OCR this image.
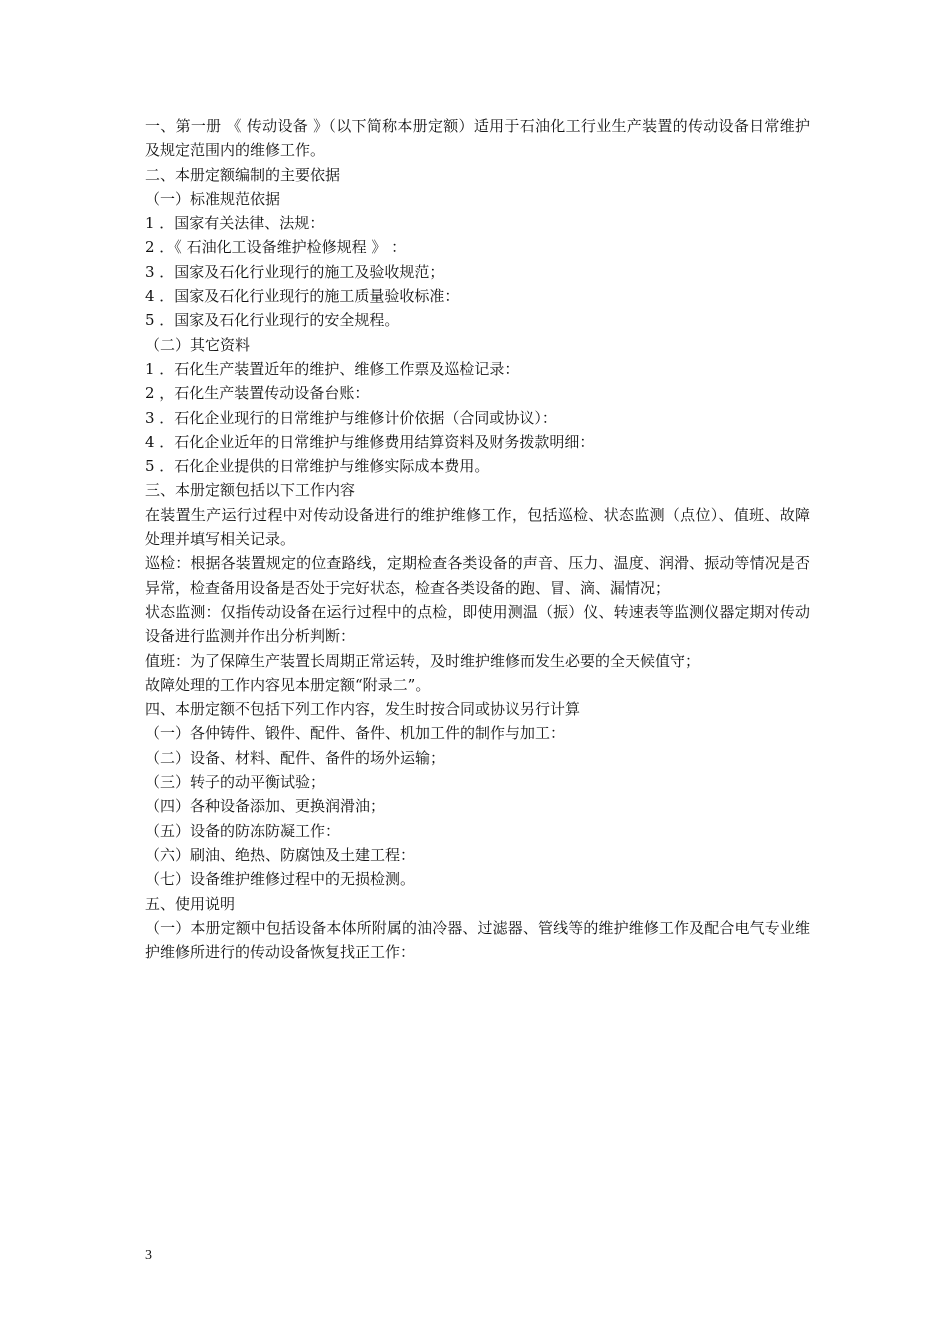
一、第一册 《 传动设备 》（以下简称本册定额）适用于石油化工行业生产装置的传动设备日常维护及规定范围内的维修工作。

二、本册定额编制的主要依据

（一）标准规范依据

1 ．国家有关法律、法规：

2 ．《 石油化工设备维护检修规程 》 ：

3 ．国家及石化行业现行的施工及验收规范；

4 ．国家及石化行业现行的施工质量验收标准：

5 ．国家及石化行业现行的安全规程。

（二）其它资料

1 ．石化生产装置近年的维护、维修工作票及巡检记录：

2 ，石化生产装置传动设备台账：

3 ．石化企业现行的日常维护与维修计价依据（合同或协议）：

4 ．石化企业近年的日常维护与维修费用结算资料及财务拨款明细：

5 ．石化企业提供的日常维护与维修实际成本费用。

三、本册定额包括以下工作内容

在装置生产运行过程中对传动设备进行的维护维修工作，包括巡检、状态监测（点位）、值班、故障处理并填写相关记录。

巡检：根据各装置规定的位查路线，定期检查各类设备的声音、压力、温度、润滑、振动等情况是否异常，检查备用设备是否处于完好状态，检查各类设备的跑、冒、滴、漏情况；

状态监测：仅指传动设备在运行过程中的点检，即使用测温（振）仪、转速表等监测仪器定期对传动设备进行监测并作出分析判断：

值班：为了保障生产装置长周期正常运转，及时维护维修而发生必要的全天候值守；

故障处理的工作内容见本册定额“附录二”。

四、本册定额不包括下列工作内容，发生时按合同或协议另行计算

（一）各仲铸件、锻件、配件、备件、机加工件的制作与加工：

（二）设备、材料、配件、备件的场外运输；

（三）转子的动平衡试验；

（四）各种设备添加、更换润滑油；

（五）设备的防冻防凝工作：

（六）刷油、绝热、防腐蚀及土建工程：

（七）设备维护维修过程中的无损检测。

五、使用说明

（一）本册定额中包括设备本体所附属的油冷器、过滤器、管线等的维护维修工作及配合电气专业维护维修所进行的传动设备恢复找正工作：

3
